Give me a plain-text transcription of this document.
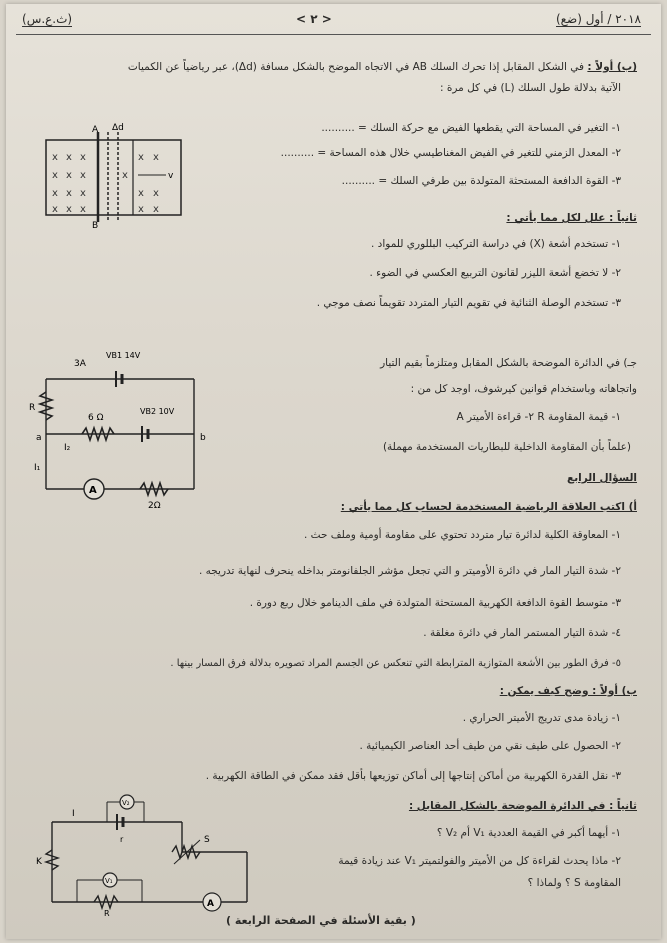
(ث.ع.س)	< ٢ >	٢٠١٨ / أول (ضع)
(ب) أولاً : في الشكل المقابل إذا تحرك السلك AB في الاتجاه الموضح بالشكل مسافة (Δd)، عبر رياضياً عن الكميات
الآتية بدلالة طول السلك (L) في كل مرة :
١- التغير في المساحة التي يقطعها الفيض مع حركة السلك = ..........
٢- المعدل الزمني للتغير في الفيض المغناطيسي خلال هذه المساحة = ..........
٣- القوة الدافعة المستحثة المتولدة بين طرفي السلك = ..........
A
B
Δd
v
x x x	x x
x x x	x
x x x	x x
x x x	x x
ثانياً : علل لكل مما يأتي :
١- تستخدم أشعة (X) في دراسة التركيب البللوري للمواد .
٢- لا تخضع أشعة الليزر لقانون التربيع العكسي في الضوء .
٣- تستخدم الوصلة الثنائية في تقويم التيار المتردد تقويماً نصف موجي .
جـ) في الدائرة الموضحة بالشكل المقابل ومتلزماً بقيم التيار
واتجاهاته وباستخدام قوانين كيرشوف، اوجد كل من :
١- قيمة المقاومة R ٢- قراءة الأميتر A
(علماً بأن المقاومة الداخلية للبطاريات المستخدمة مهملة)
A
3A
VB1 14V
VB2 10V
R
6 Ω
2Ω
a	b
I₁
I₂
السؤال الرابع
أ) اكتب العلاقة الرياضية المستخدمة لحساب كل مما يأتي :
١- المعاوقة الكلية لدائرة تيار متردد تحتوي على مقاومة أومية وملف حث .
٢- شدة التيار المار في دائرة الأوميتر و التي تجعل مؤشر الجلفانومتر بداخله ينحرف لنهاية تدريجه .
٣- متوسط القوة الدافعة الكهربية المستحثة المتولدة في ملف الدينامو خلال ربع دورة .
٤- شدة التيار المستمر المار في دائرة مغلقة .
٥- فرق الطور بين الأشعة المتوازية المترابطة التي تنعكس عن الجسم المراد تصويره بدلالة فرق المسار بينها .
ب) أولاً : وضح كيف يمكن :
١- زيادة مدى تدريج الأميتر الحراري .
٢- الحصول على طيف نقي من طيف أحد العناصر الكيميائية .
٣- نقل القدرة الكهربية من أماكن إنتاجها إلى أماكن توزيعها بأقل فقد ممكن في الطاقة الكهربية .
ثانياً : في الدائرة الموضحة بالشكل المقابل :
١- أيهما أكبر في القيمة العددية V₁ أم V₂ ؟
٢- ماذا يحدث لقراءة كل من الأميتر والفولتميتر V₁ عند زيادة قيمة
المقاومة S ؟ ولماذا ؟
A
I
r	S
K
R
V₂
V₁
( بقية الأسئلة في الصفحة الرابعة )
